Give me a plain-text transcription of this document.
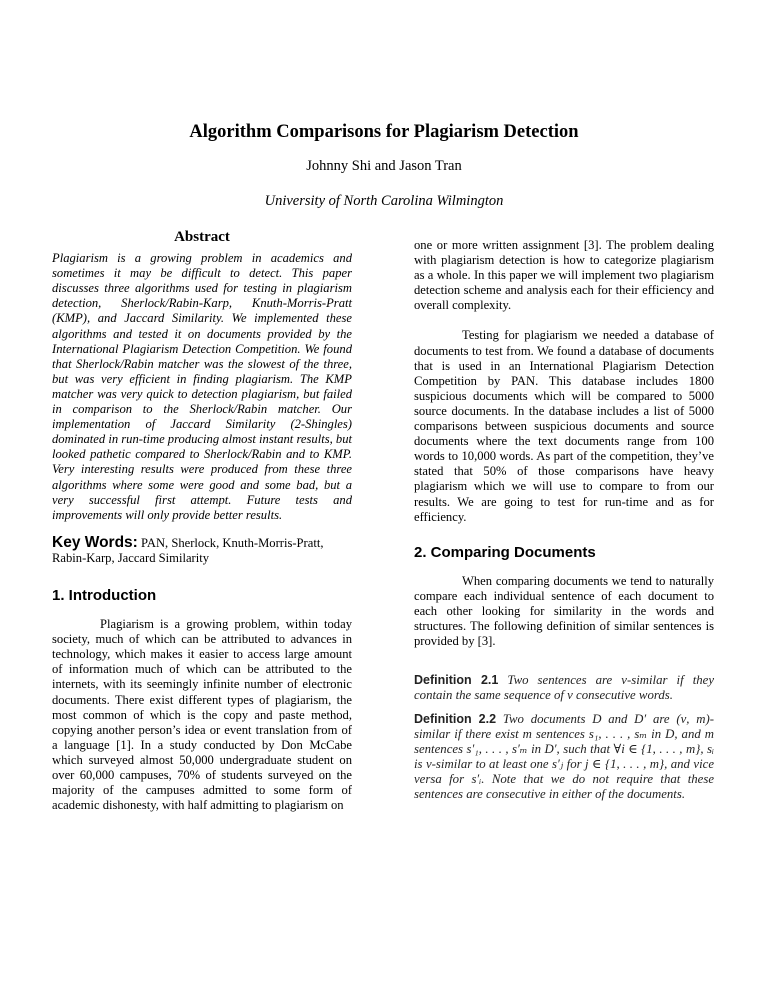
Algorithm Comparisons for Plagiarism Detection
Johnny Shi and Jason Tran
University of North Carolina Wilmington
Abstract

Plagiarism is a growing problem in academics and sometimes it may be difficult to detect. This paper discusses three algorithms used for testing in plagiarism detection, Sherlock/Rabin-Karp, Knuth-Morris-Pratt (KMP), and Jaccard Similarity. We implemented these algorithms and tested it on documents provided by the International Plagiarism Detection Competition. We found that Sherlock/Rabin matcher was the slowest of the three, but was very efficient in finding plagiarism. The KMP matcher was very quick to detection plagiarism, but failed in comparison to the Sherlock/Rabin matcher. Our implementation of Jaccard Similarity (2-Shingles) dominated in run-time producing almost instant results, but looked pathetic compared to Sherlock/Rabin and to KMP. Very interesting results were produced from these three algorithms where some were good and some bad, but a very successful first attempt. Future tests and improvements will only provide better results.

Key Words: PAN, Sherlock, Knuth-Morris-Pratt, Rabin-Karp, Jaccard Similarity
1. Introduction

Plagiarism is a growing problem, within today society, much of which can be attributed to advances in technology, which makes it easier to access large amount of information much of which can be attributed to the internets, with its seemingly infinite number of electronic documents. There exist different types of plagiarism, the most common of which is the copy and paste method, copying another person’s idea or event translation from of a language [1]. In a study conducted by Don McCabe which surveyed almost 50,000 undergraduate student on over 60,000 campuses, 70% of students surveyed on the majority of the campuses admitted to some form of academic dishonesty, with half admitting to plagiarism on

one or more written assignment [3]. The problem dealing with plagiarism detection is how to categorize plagiarism as a whole. In this paper we will implement two plagiarism detection scheme and analysis each for their efficiency and overall complexity.

Testing for plagiarism we needed a database of documents to test from. We found a database of documents that is used in an International Plagiarism Detection Competition by PAN. This database includes 1800 suspicious documents which will be compared to 5000 source documents. In the database includes a list of 5000 comparisons between suspicious documents and source documents where the text documents range from 100 words to 10,000 words. As part of the competition, they’ve stated that 50% of those comparisons have heavy plagiarism which we will use to compare to from our results. We are going to test for run-time and as for efficiency.

2. Comparing Documents

When comparing documents we tend to naturally compare each individual sentence of each document to each other looking for similarity in the words and structures. The following definition of similar sentences is provided by [3].

Definition 2.1 Two sentences are ν-similar if they contain the same sequence of ν consecutive words.
Definition 2.2 Two documents D and D′ are (ν, m)-similar if there exist m sentences s₁, . . . , sₘ in D, and m sentences s′₁, . . . , s′ₘ in D′, such that ∀i ∈ {1, . . . , m}, sᵢ is ν-similar to at least one s′ⱼ for j ∈ {1, . . . , m}, and vice versa for s′ᵢ. Note that we do not require that these sentences are consecutive in either of the documents.
